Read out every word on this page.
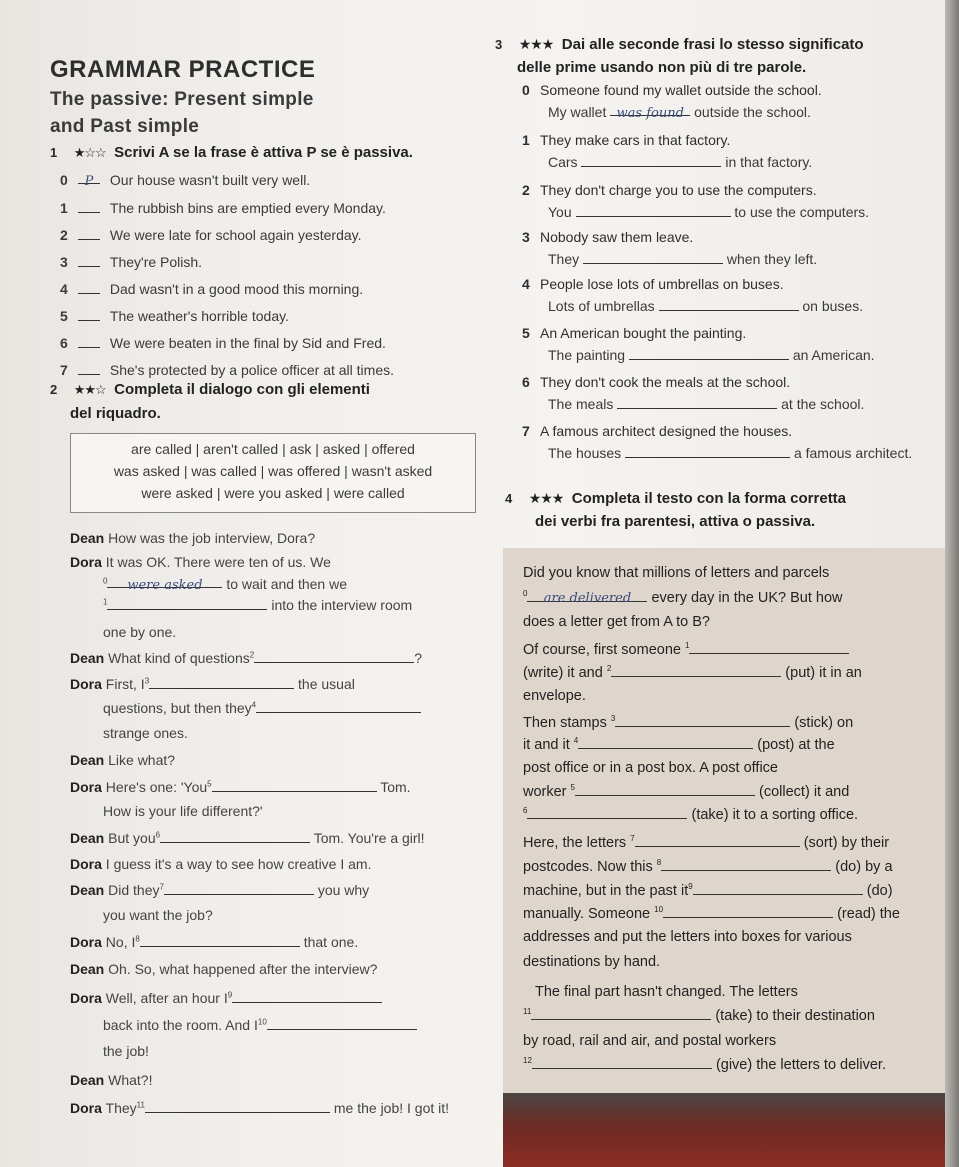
GRAMMAR PRACTICE
The passive: Present simple
and Past simple
1 ★☆☆ Scrivi A se la frase è attiva P se è passiva.
0 P Our house wasn't built very well.
1	The rubbish bins are emptied every Monday.
2	We were late for school again yesterday.
3	They're Polish.
4	Dad wasn't in a good mood this morning.
5	The weather's horrible today.
6	We were beaten in the final by Sid and Fred.
7	She's protected by a police officer at all times.
2 ★★☆ Completa il dialogo con gli elementi
del riquadro.
are called | aren't called | ask | asked | offered
was asked | was called | was offered | wasn't asked
were asked | were you asked | were called
Dean How was the job interview, Dora?
Dora It was OK. There were ten of us. We
$^0$ were asked to wait and then we
$^1$	into the interview room
one by one.
Dean What kind of questions$^2$	?
Dora First, $I^3$	the usual
questions, but then they$^4$
strange ones.
Dean Like what?
Dora Here's one: 'You$^5$	Tom.
How is your life different?'
Dean But you$^6$	Tom. You're a girl!
Dora I guess it's a way to see how creative I am.
Dean Did they$^7$	you why
you want the job?
Dora No, $I^8$	that one.
Dean Oh. So, what happened after the interview?
Dora Well, after an hour $I^9$
back into the room. And $I^{10}$
the job!
Dean What?!
Dora They$^{11}$	me the job! I got it!
3 ★★★ Dai alle seconde frasi lo stesso significato
delle prime usando non più di tre parole.
0 Someone found my wallet outside the school.
My wallet was found outside the school.
1 They make cars in that factory.
Cars	in that factory.
2 They don't charge you to use the computers.
You	to use the computers.
3 Nobody saw them leave.
They	when they left.
4 People lose lots of umbrellas on buses.
Lots of umbrellas	on buses.
5 An American bought the painting.
The painting	an American.
6 They don't cook the meals at the school.
The meals	at the school.
7 A famous architect designed the houses.
The houses	a famous architect.
4 ★★★ Completa il testo con la forma corretta
dei verbi fra parentesi, attiva o passiva.
Did you know that millions of letters and parcels
$^0$ are delivered every day in the UK? But how
does a letter get from A to B?
Of course, first someone $^1$
(write) it and $^2$	(put) it in an
envelope.
Then stamps $^3$	(stick) on
it and it $^4$	(post) at the
post office or in a post box. A post office
worker $^5$	(collect) it and
$^6$	(take) it to a sorting office.
Here, the letters $^7$	(sort) by their
postcodes. Now this $^8$	(do) by a
machine, but in the past $it^9$	(do)
manually. Someone $^{10}$	(read) the
addresses and put the letters into boxes for various
destinations by hand.
The final part hasn't changed. The letters
$^{11}$	(take) to their destination
by road, rail and air, and postal workers
$^{12}$	(give) the letters to deliver.
